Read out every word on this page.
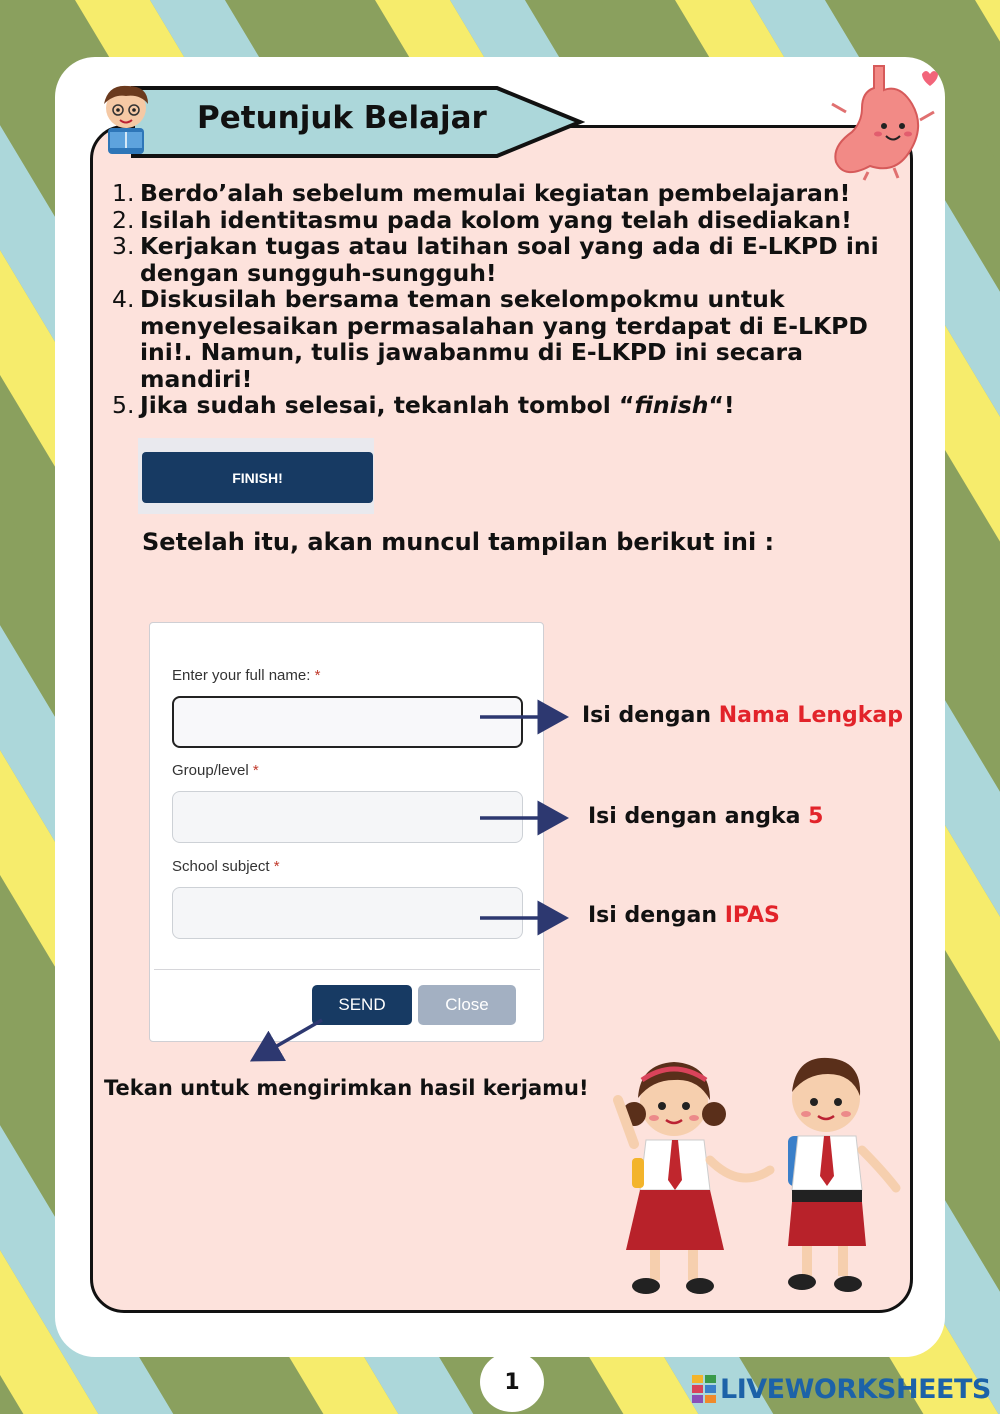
Petunjuk Belajar
1. Berdo’alah sebelum memulai kegiatan pembelajaran!
2. Isilah identitasmu pada kolom yang telah disediakan!
3. Kerjakan tugas atau latihan soal yang ada di E-LKPD ini dengan sungguh-sungguh!
4. Diskusilah bersama teman sekelompokmu untuk menyelesaikan permasalahan yang terdapat di E-LKPD ini!. Namun, tulis jawabanmu di E-LKPD ini secara mandiri!
5. Jika sudah selesai, tekanlah tombol “finish“!
FINISH!
Setelah itu, akan muncul tampilan berikut ini :
Enter your full name: *
Group/level *
School subject *
SEND	Close
Isi dengan Nama Lengkap
Isi dengan angka 5
Isi dengan IPAS
Tekan untuk mengirimkan hasil kerjamu!
1	LIVEWORKSHEETS
